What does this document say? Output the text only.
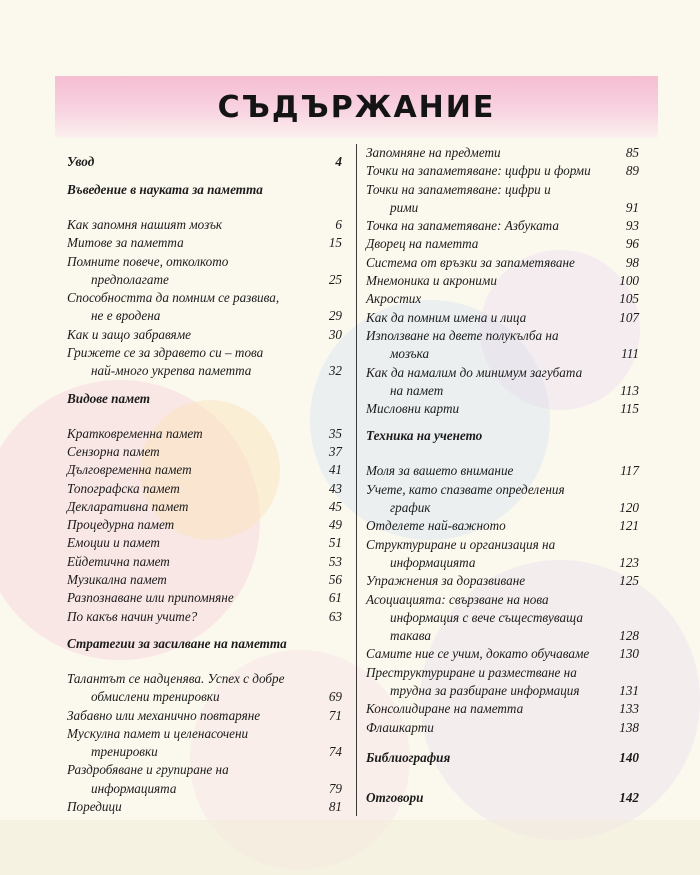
СЪДЪРЖАНИЕ
Увод	4
Въведение в науката за паметта
Как запомня нашият мозък	6
Митове за паметта	15
Помните повече, отколкото
предполагате	25
Способността да помним се развива,
не е вродена	29
Как и защо забравяме	30
Грижете се за здравето си – това
най-много укрепва паметта	32
Видове памет
Кратковременна памет	35
Сензорна памет	37
Дълговременна памет	41
Топографска памет	43
Декларативна памет	45
Процедурна памет	49
Емоции и памет	51
Ейдетична памет	53
Музикална памет	56
Разпознаване или припомняне	61
По какъв начин учите?	63
Стратегии за засилване на паметта
Талантът се надценява. Успех с добре
обмислени тренировки	69
Забавно или механично повтаряне	71
Мускулна памет и целенасочени
тренировки	74
Раздробяване и групиране на
информацията	79
Поредици	81
Запомняне на предмети	85
Точки на запаметяване: цифри и форми	89
Точки на запаметяване: цифри и
рими	91
Точка на запаметяване: Азбуката	93
Дворец на паметта	96
Система от връзки за запаметяване	98
Мнемоника и акроними	100
Акростих	105
Как да помним имена и лица	107
Използване на двете полукълба на
мозъка	111
Как да намалим до минимум загубата
на памет	113
Мисловни карти	115
Техника на ученето
Моля за вашето внимание	117
Учете, като спазвате определения
график	120
Отделете най-важното	121
Структуриране и организация на
информацията	123
Упражнения за доразвиване	125
Асоциацията: свързване на нова
информация с вече съществуваща
такава	128
Самите ние се учим, докато обучаваме	130
Преструктуриране и разместване на
трудна за разбиране информация	131
Консолидиране на паметта	133
Флашкарти	138
Библиография	140
Отговори	142
